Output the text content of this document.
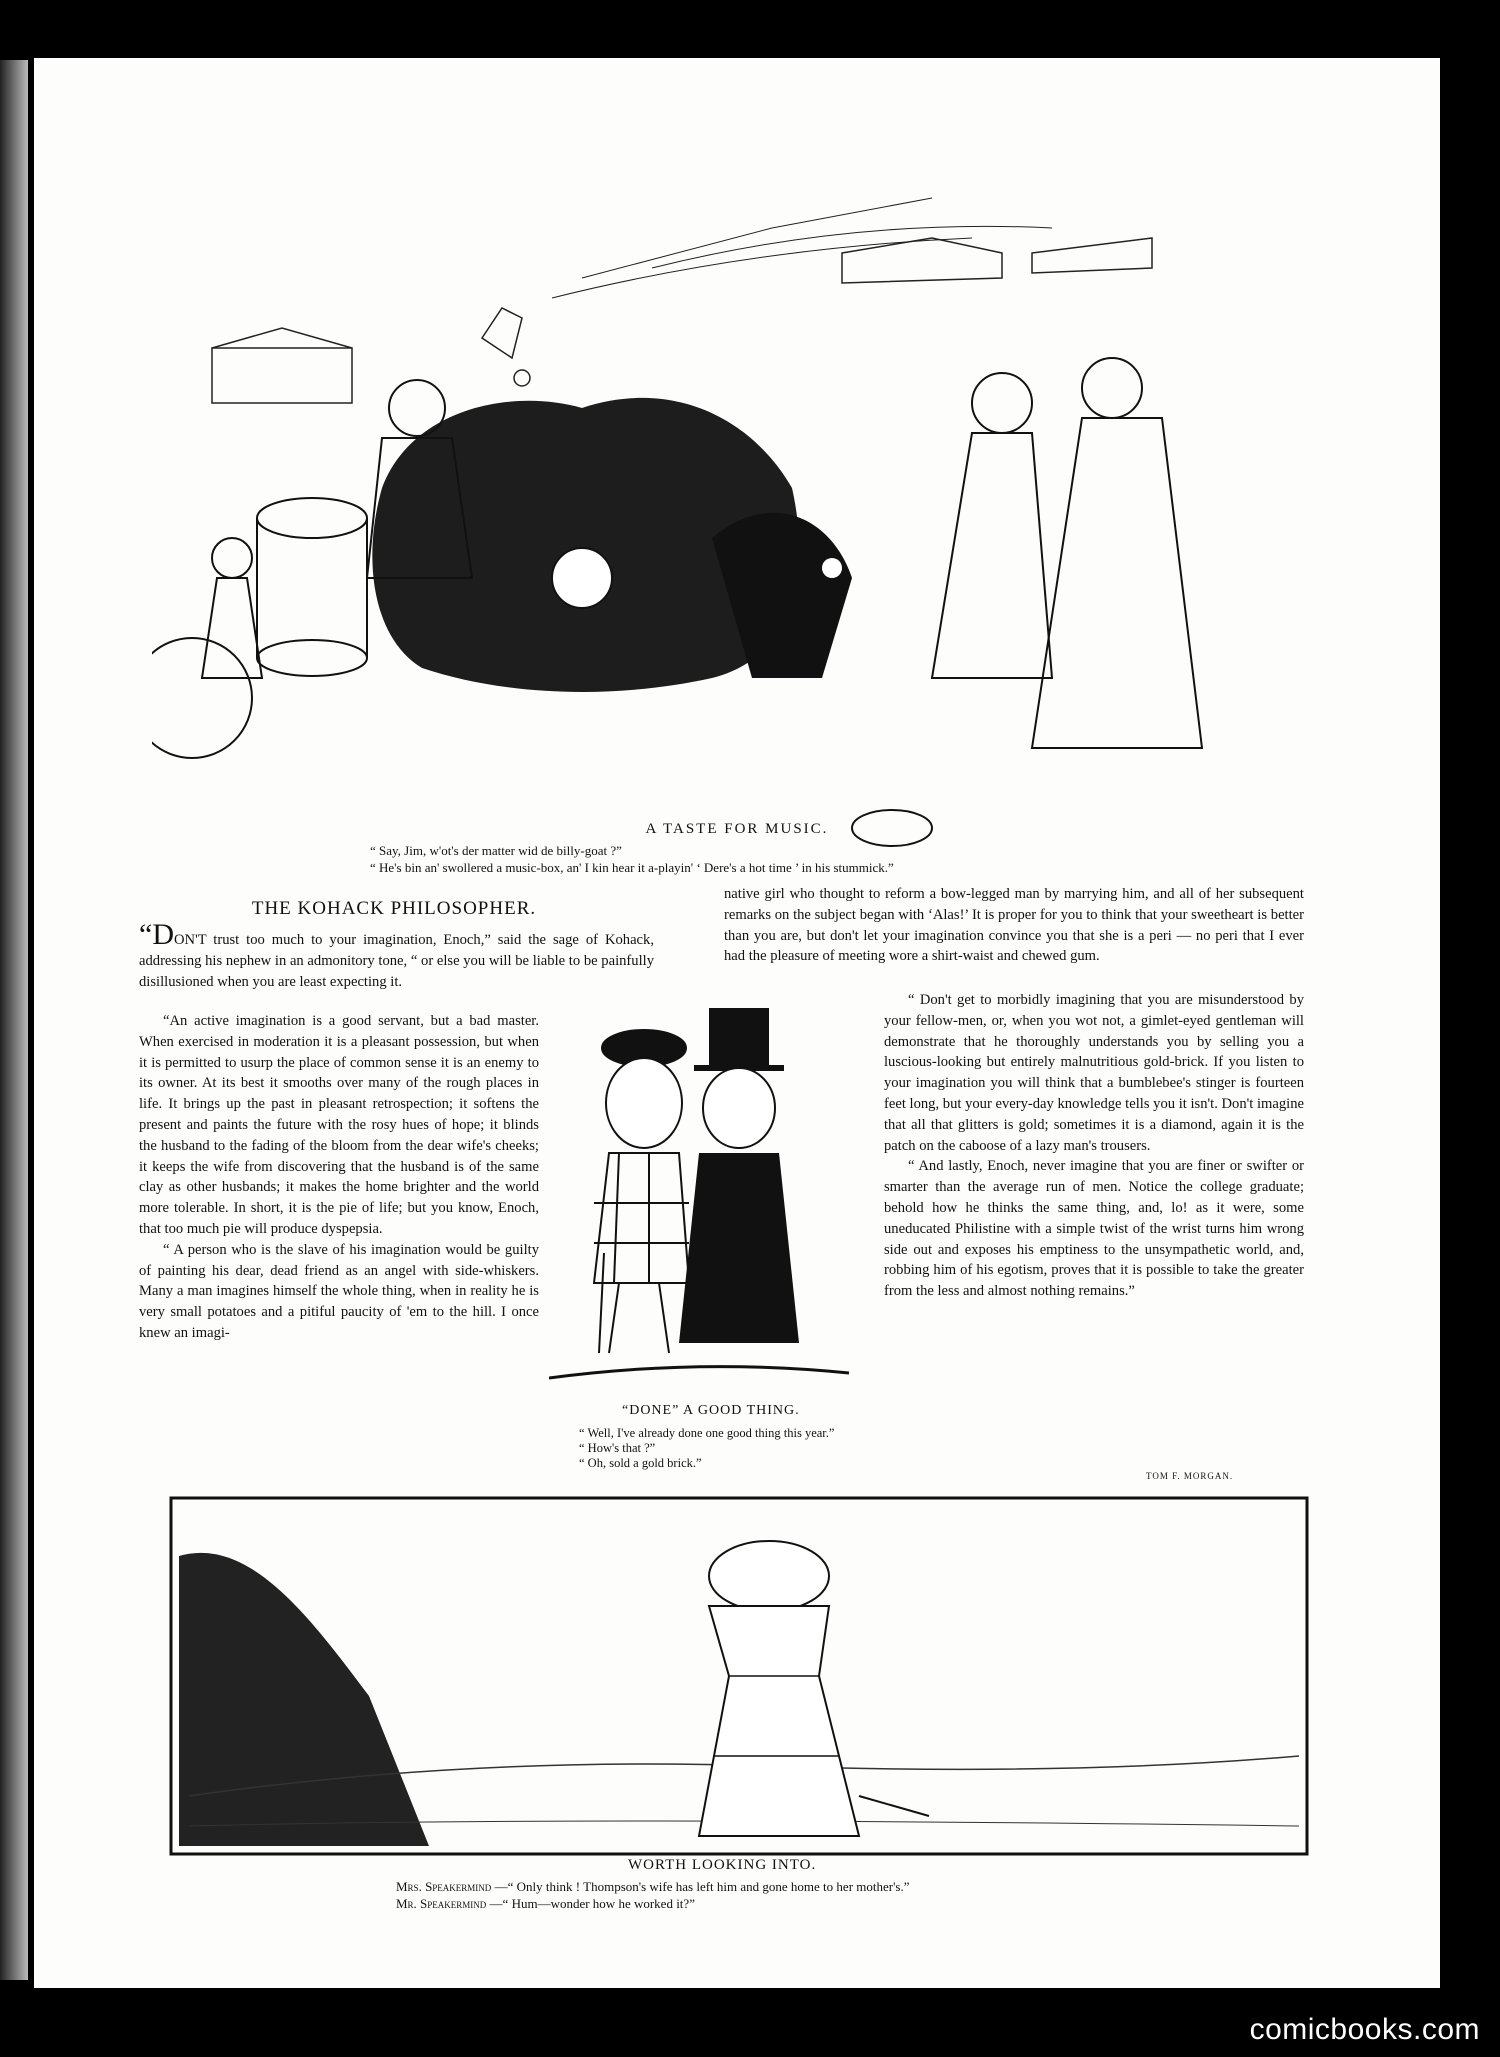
A TASTE FOR MUSIC.
“ Say, Jim, w'ot's der matter wid de billy-goat ?”
“ He's bin an' swollered a music-box, an' I kin hear it a-playin' ‘ Dere's a hot time ’ in his stummick.”
THE KOHACK PHILOSOPHER.

“DON'T trust too much to your imagination, Enoch,” said the sage of Kohack, addressing his nephew in an admonitory tone, “ or else you will be liable to be painfully disillusioned when you are least expecting it.

“An active imagination is a good servant, but a bad master. When exercised in moderation it is a pleasant possession, but when it is permitted to usurp the place of common sense it is an enemy to its owner. At its best it smooths over many of the rough places in life. It brings up the past in pleasant retrospection; it softens the present and paints the future with the rosy hues of hope; it blinds the husband to the fading of the bloom from the dear wife's cheeks; it keeps the wife from discovering that the husband is of the same clay as other husbands; it makes the home brighter and the world more tolerable. In short, it is the pie of life; but you know, Enoch, that too much pie will produce dyspepsia.

“ A person who is the slave of his imagination would be guilty of painting his dear, dead friend as an angel with side-whiskers. Many a man imagines himself the whole thing, when in reality he is very small potatoes and a pitiful paucity of 'em to the hill. I once knew an imagi-

“DONE” A GOOD THING.
“ Well, I've already done one good thing this year.”
“ How's that ?”
“ Oh, sold a gold brick.”

native girl who thought to reform a bow-legged man by marrying him, and all of her subsequent remarks on the subject began with ‘Alas!’ It is proper for you to think that your sweetheart is better than you are, but don't let your imagination convince you that she is a peri — no peri that I ever had the pleasure of meeting wore a shirt-waist and chewed gum.

“ Don't get to morbidly imagining that you are misunderstood by your fellow-men, or, when you wot not, a gimlet-eyed gentleman will demonstrate that he thoroughly understands you by selling you a luscious-looking but entirely malnutritious gold-brick. If you listen to your imagination you will think that a bumblebee's stinger is fourteen feet long, but your every-day knowledge tells you it isn't. Don't imagine that all that glitters is gold; sometimes it is a diamond, again it is the patch on the caboose of a lazy man's trousers.

“ And lastly, Enoch, never imagine that you are finer or swifter or smarter than the average run of men. Notice the college graduate; behold how he thinks the same thing, and, lo! as it were, some uneducated Philistine with a simple twist of the wrist turns him wrong side out and exposes his emptiness to the unsympathetic world, and, robbing him of his egotism, proves that it is possible to take the greater from the less and almost nothing remains.”

TOM F. MORGAN.
WORTH LOOKING INTO.
Mrs. Speakermind —“ Only think ! Thompson's wife has left him and gone home to her mother's.”
Mr. Speakermind —“ Hum—wonder how he worked it?”
comicbooks.com
